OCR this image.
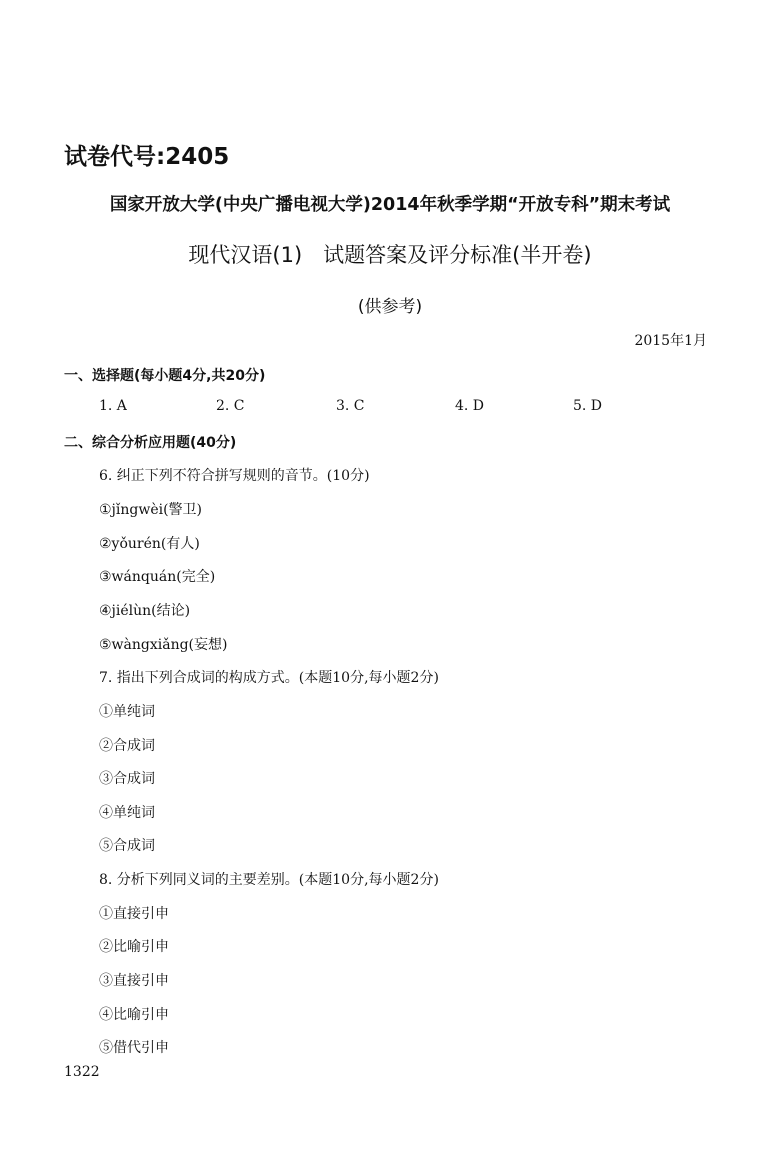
试卷代号:2405
国家开放大学(中央广播电视大学)2014年秋季学期“开放专科”期末考试
现代汉语(1)　试题答案及评分标准(半开卷)
(供参考)
2015年1月
一、选择题(每小题4分,共20分)
1. A	2. C	3. C	4. D	5. D
二、综合分析应用题(40分)
6. 纠正下列不符合拼写规则的音节。(10分)
①jǐngwèi(警卫)
②yǒurén(有人)
③wánquán(完全)
④jiélùn(结论)
⑤wàngxiǎng(妄想)
7. 指出下列合成词的构成方式。(本题10分,每小题2分)
①单纯词
②合成词
③合成词
④单纯词
⑤合成词
8. 分析下列同义词的主要差别。(本题10分,每小题2分)
①直接引申
②比喻引申
③直接引申
④比喻引申
⑤借代引申
1322
